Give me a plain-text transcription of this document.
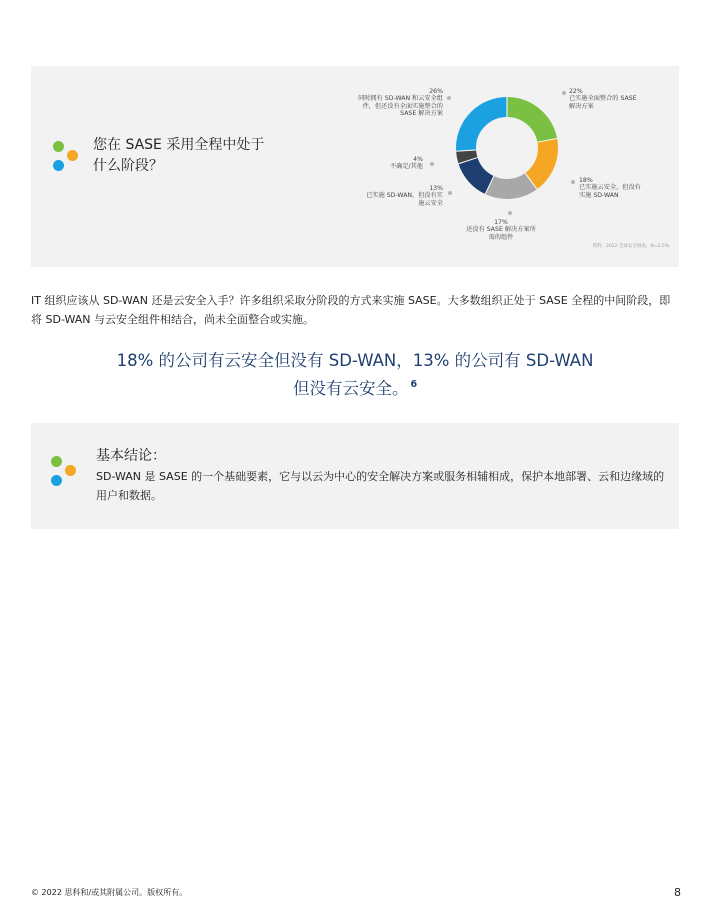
您在 SASE 采用全程中处于
什么阶段？
22%
已实施全面整合的 SASE
解决方案
18%
已实施云安全，但没有
实施 SD-WAN
17%
还没有 SASE 解决方案所
需的组件
13%
已实施 SD-WAN，但没有实
施云安全
4%
不确定/其他
26%
同时拥有 SD-WAN 和云安全组
件，但还没有全面实施整合的
SASE 解决方案
资料：2022 全球安全调查，N=2,5%
IT 组织应该从 SD-WAN 还是云安全入手？许多组织采取分阶段的方式来实施 SASE。大多数组织正处于 SASE 全程的中间阶段，即将 SD-WAN 与云安全组件相结合，尚未全面整合或实施。
18% 的公司有云安全但没有 SD-WAN，13% 的公司有 SD-WAN
但没有云安全。 $^6$
基本结论：
SD-WAN 是 SASE 的一个基础要素，它与以云为中心的安全解决方案或服务相辅相成，保护本地部署、云和边缘域的用户和数据。
© 2022 思科和/或其附属公司。版权所有。	8
